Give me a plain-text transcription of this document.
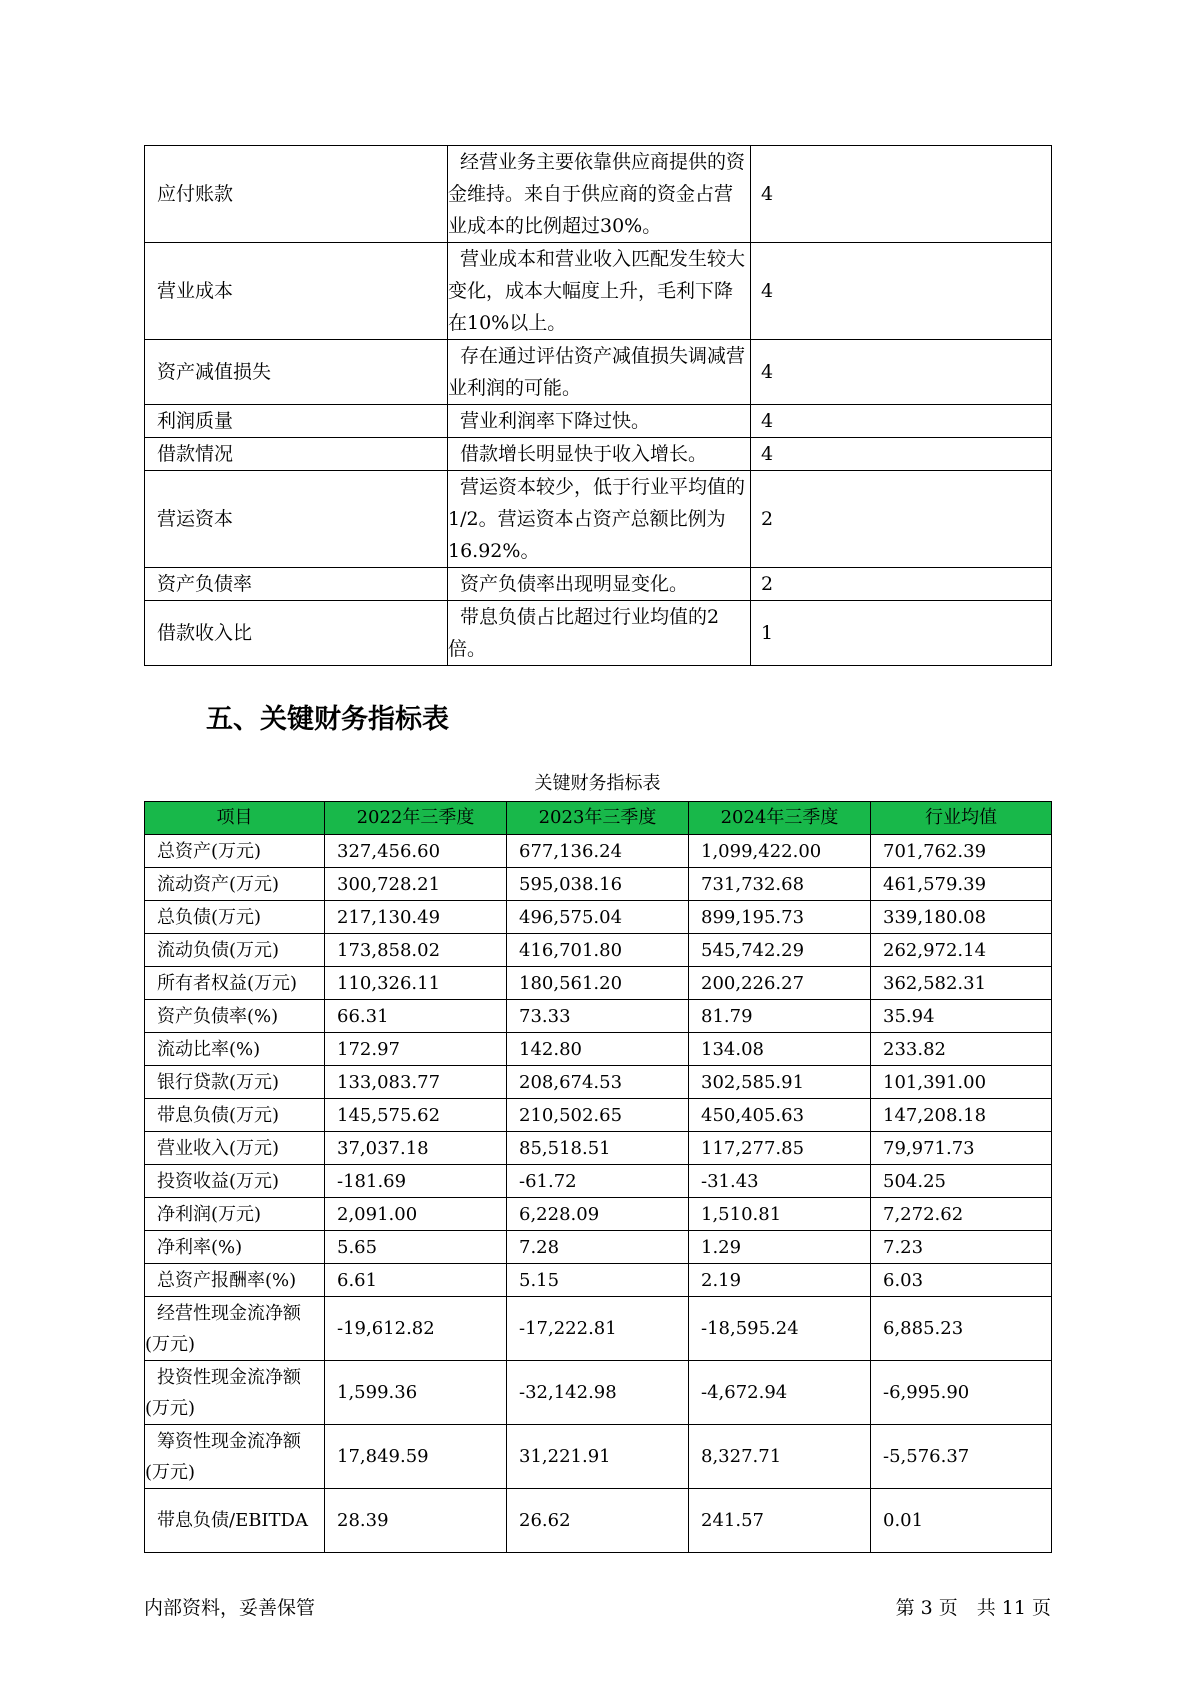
应付账款	经营业务主要依靠供应商提供的资金维持。来自于供应商的资金占营业成本的比例超过30%。	4
营业成本	营业成本和营业收入匹配发生较大变化，成本大幅度上升，毛利下降在10%以上。	4
资产减值损失	存在通过评估资产减值损失调减营业利润的可能。	4
利润质量	营业利润率下降过快。	4
借款情况	借款增长明显快于收入增长。	4
营运资本	营运资本较少，低于行业平均值的1/2。营运资本占资产总额比例为16.92%。	2
资产负债率	资产负债率出现明显变化。	2
借款收入比	带息负债占比超过行业均值的2倍。	1
五、关键财务指标表
关键财务指标表
项目	2022年三季度	2023年三季度	2024年三季度	行业均值
总资产(万元)	327,456.60	677,136.24	1,099,422.00	701,762.39
流动资产(万元)	300,728.21	595,038.16	731,732.68	461,579.39
总负债(万元)	217,130.49	496,575.04	899,195.73	339,180.08
流动负债(万元)	173,858.02	416,701.80	545,742.29	262,972.14
所有者权益(万元)	110,326.11	180,561.20	200,226.27	362,582.31
资产负债率(%)	66.31	73.33	81.79	35.94
流动比率(%)	172.97	142.80	134.08	233.82
银行贷款(万元)	133,083.77	208,674.53	302,585.91	101,391.00
带息负债(万元)	145,575.62	210,502.65	450,405.63	147,208.18
营业收入(万元)	37,037.18	85,518.51	117,277.85	79,971.73
投资收益(万元)	-181.69	-61.72	-31.43	504.25
净利润(万元)	2,091.00	6,228.09	1,510.81	7,272.62
净利率(%)	5.65	7.28	1.29	7.23
总资产报酬率(%)	6.61	5.15	2.19	6.03
经营性现金流净额(万元)	-19,612.82	-17,222.81	-18,595.24	6,885.23
投资性现金流净额(万元)	1,599.36	-32,142.98	-4,672.94	-6,995.90
筹资性现金流净额(万元)	17,849.59	31,221.91	8,327.71	-5,576.37
带息负债/EBITDA	28.39	26.62	241.57	0.01
内部资料，妥善保管	第 3 页　共 11 页
